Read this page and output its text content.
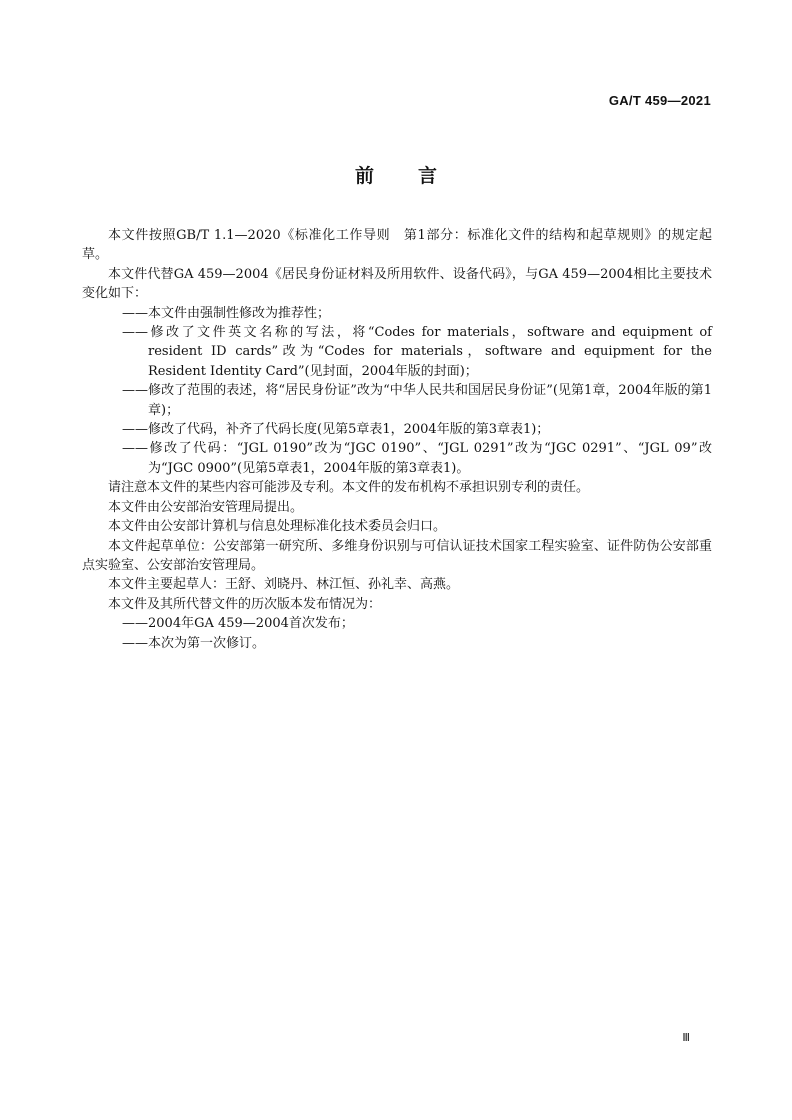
GA/T 459—2021
前 言

本文件按照GB/T 1.1—2020《标准化工作导则　第1部分：标准化文件的结构和起草规则》的规定起草。

本文件代替GA 459—2004《居民身份证材料及所用软件、设备代码》，与GA 459—2004相比主要技术变化如下：

——本文件由强制性修改为推荐性；

——修改了文件英文名称的写法，将“Codes for materials，software and equipment of resident ID cards”改为“Codes for materials，software and equipment for the Resident Identity Card”(见封面，2004年版的封面)；

——修改了范围的表述，将“居民身份证”改为“中华人民共和国居民身份证”(见第1章，2004年版的第1章)；

——修改了代码，补齐了代码长度(见第5章表1，2004年版的第3章表1)；

——修改了代码：“JGL 0190”改为“JGC 0190”、“JGL 0291”改为“JGC 0291”、“JGL 09”改为“JGC 0900”(见第5章表1，2004年版的第3章表1)。

请注意本文件的某些内容可能涉及专利。本文件的发布机构不承担识别专利的责任。

本文件由公安部治安管理局提出。

本文件由公安部计算机与信息处理标准化技术委员会归口。

本文件起草单位：公安部第一研究所、多维身份识别与可信认证技术国家工程实验室、证件防伪公安部重点实验室、公安部治安管理局。

本文件主要起草人：王舒、刘晓丹、林江恒、孙礼幸、高燕。

本文件及其所代替文件的历次版本发布情况为：

——2004年GA 459—2004首次发布；

——本次为第一次修订。

Ⅲ
